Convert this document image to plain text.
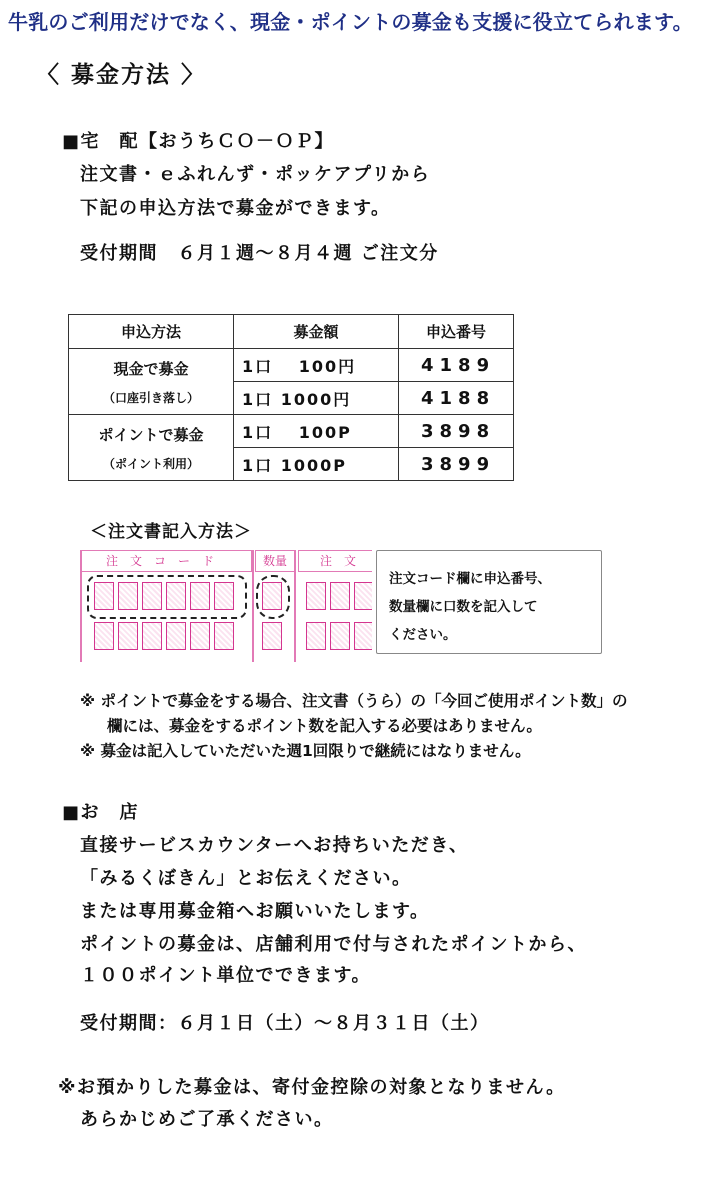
牛乳のご利用だけでなく、現金・ポイントの募金も支援に役立てられます。
〈 募金方法 〉
■宅　配【おうちＣＯ－ＯＰ】
注文書・ｅふれんず・ポッケアプリから
下記の申込方法で募金ができます。
受付期間　６月１週～８月４週 ご注文分
申込方法	募金額	申込番号

現金で募金
（口座引き落し）	1口　 100円	4189
	1口 1000円	4188

ポイントで募金
（ポイント利用）	1口　 100P	3898
	1口 1000P	3899
＜注文書記入方法＞
注文コード	数量	注文
注文コード欄に申込番号、
数量欄に口数を記入して
ください。
※ ポイントで募金をする場合、注文書（うら）の「今回ご使用ポイント数」の
欄には、募金をするポイント数を記入する必要はありません。
※ 募金は記入していただいた週1回限りで継続にはなりません。
■お　店
直接サービスカウンターへお持ちいただき、
「みるくぼきん」とお伝えください。
または専用募金箱へお願いいたします。
ポイントの募金は、店舗利用で付与されたポイントから、
１００ポイント単位でできます。
受付期間：６月１日（土）～８月３１日（土）
※お預かりした募金は、寄付金控除の対象となりません。
あらかじめご了承ください。
